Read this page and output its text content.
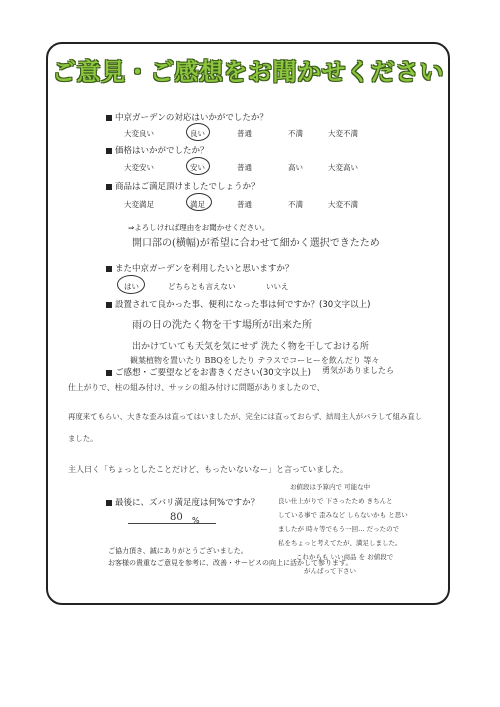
ご意見・ご感想をお聞かせください
中京ガーデンの対応はいかがでしたか？
大変良い	良い	普通	不満	大変不満
価格はいかがでしたか？
大変安い	安い	普通	高い	大変高い
商品はご満足頂けましたでしょうか？
大変満足	満足	普通	不満	大変不満
⇒よろしければ理由をお聞かせください。
開口部の(横幅)が希望に合わせて細かく選択できたため
また中京ガーデンを利用したいと思いますか？
はい	どちらとも言えない	いいえ
設置されて良かった事、便利になった事は何ですか？(30文字以上)
雨の日の洗たく物を干す場所が出来た所
出かけていても天気を気にせず 洗たく物を干しておける所
観葉植物を置いたり BBQをしたり テラスでコーヒーを飲んだり 等々
ご感想・ご要望などをお書きください(30文字以上) 勇気がありましたら
仕上がりで、柱の組み付け、サッシの組み付けに問題がありましたので、
再度来てもらい、大きな歪みは直ってはいましたが、完全には直っておらず、結局主人がバラして組み直しました。
主人曰く「ちょっとしたことだけど、もったいないなー」と言っていました。
最後に、ズバリ満足度は何%ですか？
80 %
お値段は予算内で 可能な中
良い仕上がりで 下さったため きちんと
している事で 歪みなど しらないかも と思い
ましたが 時々等でもう一回… だったので
私をちょっと考えてたが、満足しました。
これからも いい商品 を お値段で
がんばって下さい
ご協力頂き、誠にありがとうございました。
お客様の貴重なご意見を参考に、改善・サービスの向上に活かして参ります。
